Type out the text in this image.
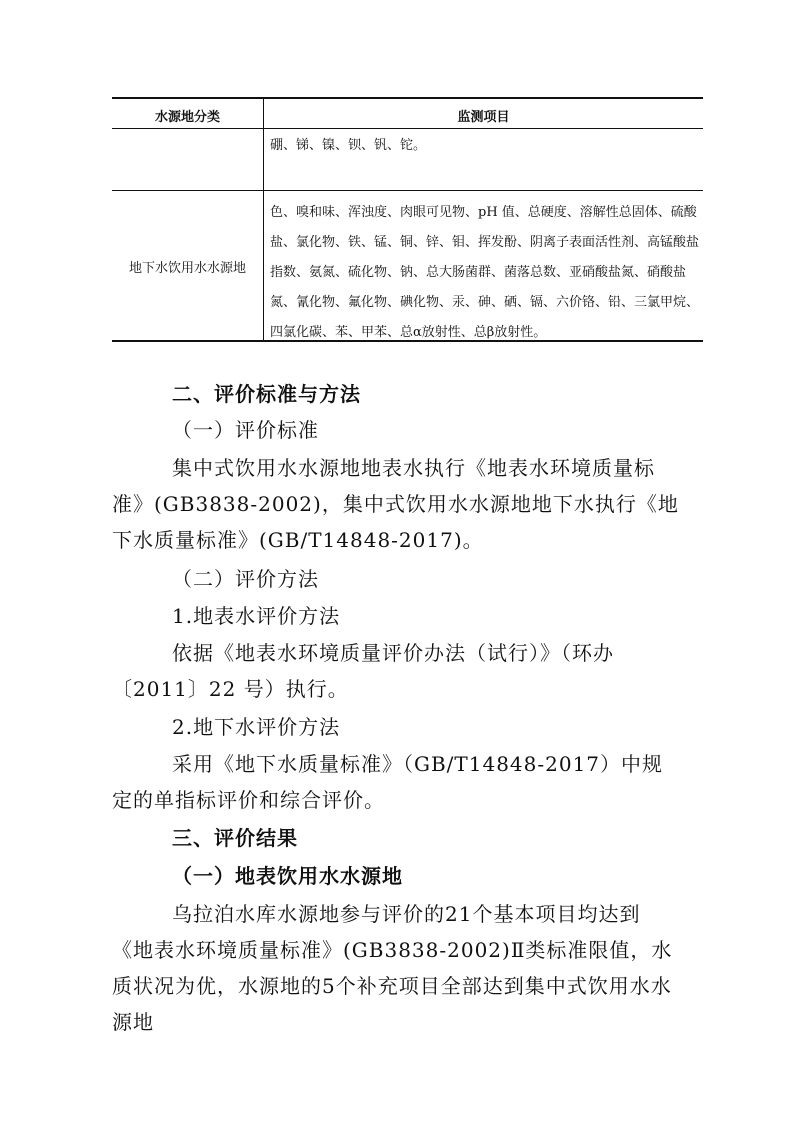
水源地分类	监测项目
硼、锑、镍、钡、钒、铊。
地下水饮用水水源地
色、嗅和味、浑浊度、肉眼可见物、pH 值、总硬度、溶解性总固体、硫酸盐、氯化物、铁、锰、铜、锌、钼、挥发酚、阴离子表面活性剂、高锰酸盐指数、氨氮、硫化物、钠、总大肠菌群、菌落总数、亚硝酸盐氮、硝酸盐氮、氰化物、氟化物、碘化物、汞、砷、硒、镉、六价铬、铅、三氯甲烷、四氯化碳、苯、甲苯、总α放射性、总β放射性。
二、评价标准与方法
（一）评价标准
集中式饮用水水源地地表水执行《地表水环境质量标准》(GB3838-2002)，集中式饮用水水源地地下水执行《地下水质量标准》(GB/T14848-2017)。
（二）评价方法
1.地表水评价方法
依据《地表水环境质量评价办法（试行）》（环办〔2011〕22 号）执行。
2.地下水评价方法
采用《地下水质量标准》（GB/T14848-2017）中规定的单指标评价和综合评价。
三、评价结果
（一）地表饮用水水源地
乌拉泊水库水源地参与评价的21个基本项目均达到《地表水环境质量标准》(GB3838-2002)Ⅱ类标准限值，水质状况为优，水源地的5个补充项目全部达到集中式饮用水水源地
